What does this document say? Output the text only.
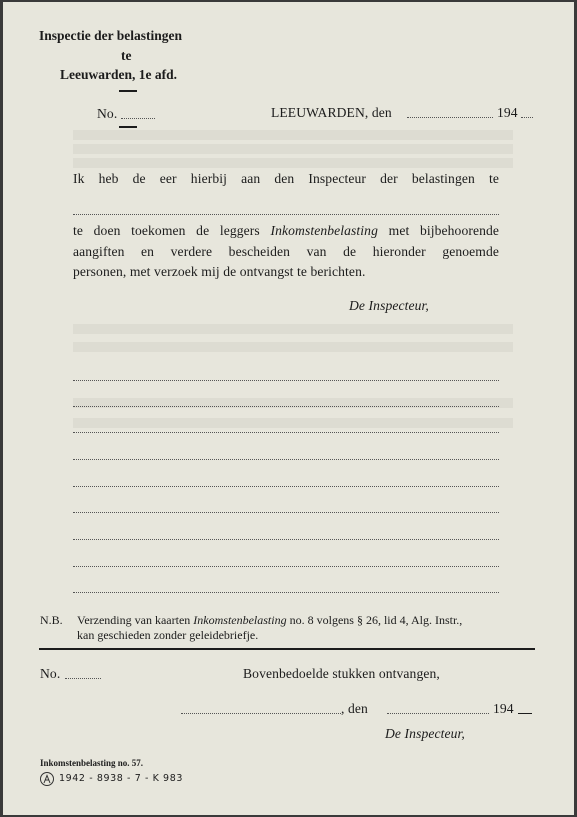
Inspectie der belastingen
te
Leeuwarden, 1e afd.
No.	LEEUWARDEN, den	194
Ik heb de eer hierbij aan den Inspecteur der belastingen te
te doen toekomen de leggers Inkomstenbelasting met bijbehoorende
aangiften en verdere bescheiden van de hieronder genoemde
personen, met verzoek mij de ontvangst te berichten.
De Inspecteur,
N.B. Verzending van kaarten Inkomstenbelasting no. 8 volgens § 26, lid 4, Alg. Instr.,
kan geschieden zonder geleidebriefje.
No.	Bovenbedoelde stukken ontvangen,
, den	194
De Inspecteur,
Inkomstenbelasting no. 57.
1942 - 8938 - 7 - K 983
